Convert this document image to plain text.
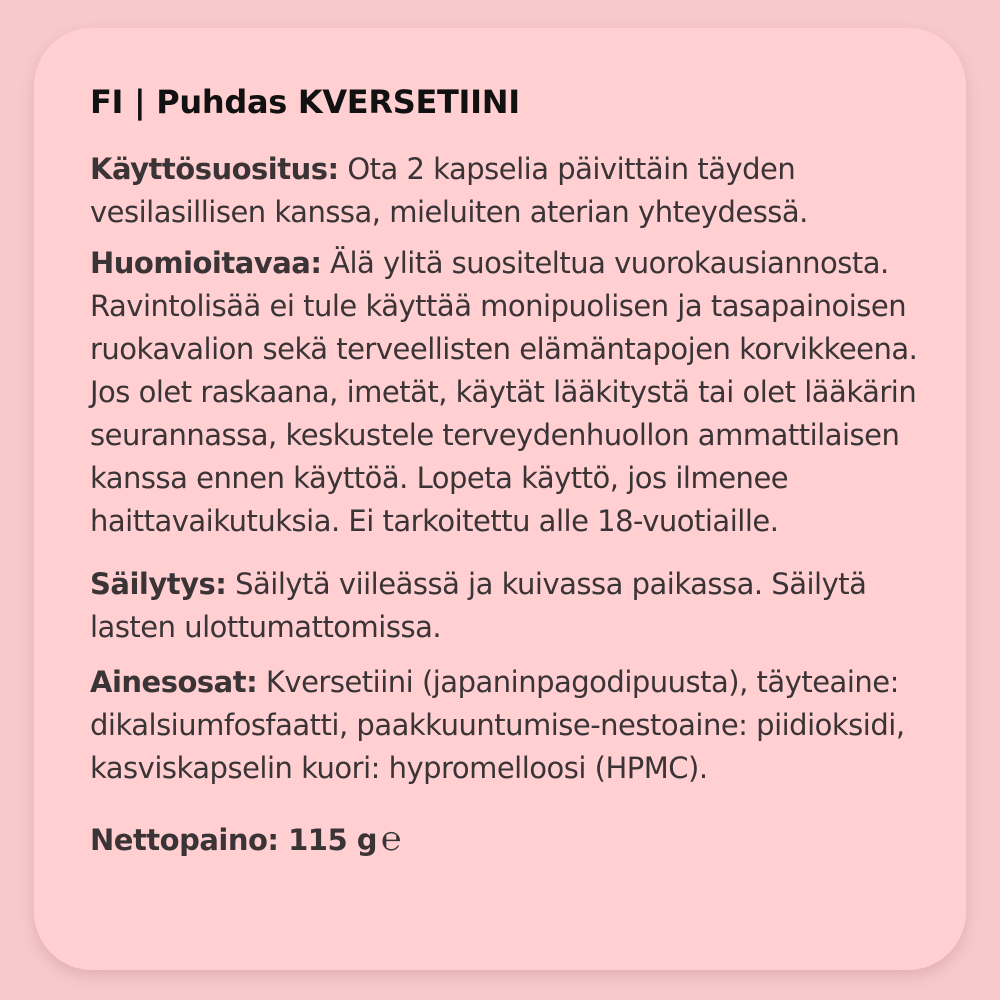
FI | Puhdas KVERSETIINI

Käyttösuositus: Ota 2 kapselia päivittäin täyden vesilasillisen kanssa, mieluiten aterian yhteydessä.

Huomioitavaa: Älä ylitä suositeltua vuorokausiannosta. Ravintolisää ei tule käyttää monipuolisen ja tasapainoisen ruokavalion sekä terveellisten elämäntapojen korvikkeena. Jos olet raskaana, imetät, käytät lääkitystä tai olet lääkärin seurannassa, keskustele terveydenhuollon ammattilaisen kanssa ennen käyttöä. Lopeta käyttö, jos ilmenee haittavaikutuksia. Ei tarkoitettu alle 18-vuotiaille.

Säilytys: Säilytä viileässä ja kuivassa paikassa. Säilytä lasten ulottumattomissa.

Ainesosat: Kversetiini (japaninpagodipuusta), täyteaine: dikalsiumfosfaatti, paakkuuntumise-nestoaine: piidioksidi, kasviskapselin kuori: hypromelloosi (HPMC).

Nettopaino: 115 g ℮
